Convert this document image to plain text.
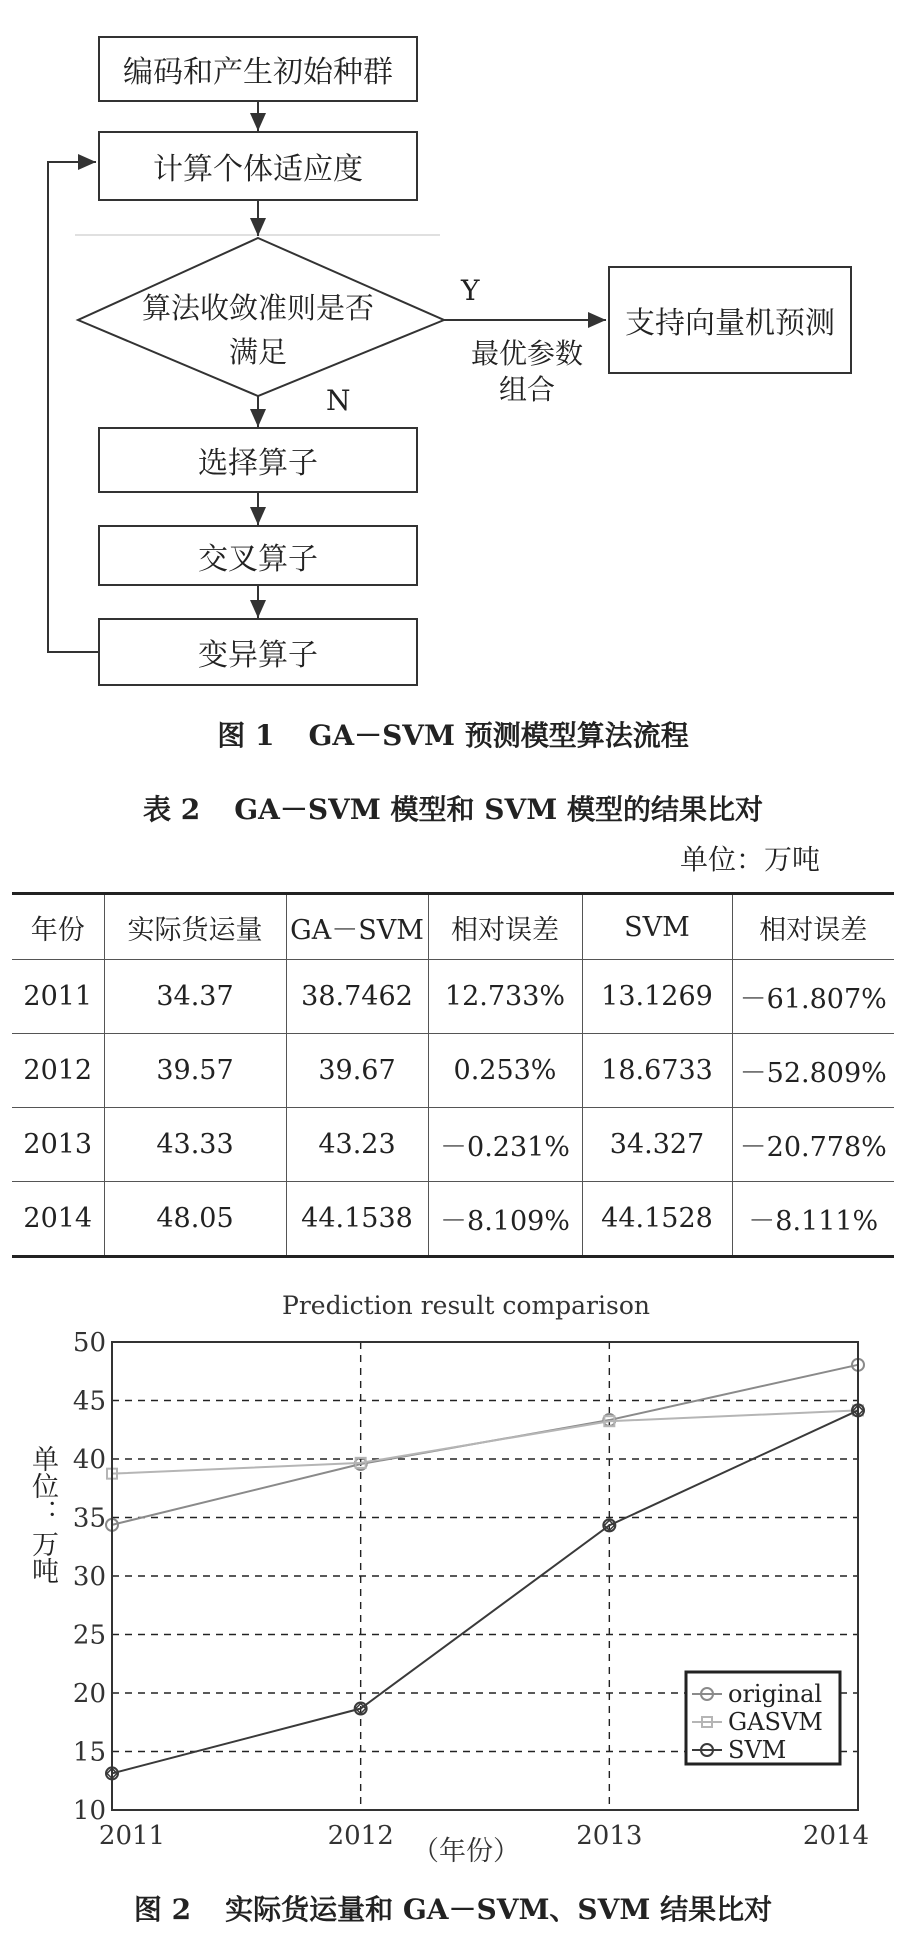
编码和产生初始种群
计算个体适应度
算法收敛准则是否
满足
支持向量机预测
选择算子
交叉算子
变异算子
Y
N
最优参数
组合
图 1 GA－SVM 预测模型算法流程
表 2 GA－SVM 模型和 SVM 模型的结果比对
单位：万吨
年份	实际货运量	GA－SVM	相对误差	SVM	相对误差
2011	34.37	38.7462	12.733%	13.1269	－61.807%
2012	39.57	39.67	0.253%	18.6733	－52.809%
2013	43.33	43.23	－0.231%	34.327	－20.778%
2014	48.05	44.1538	－8.109%	44.1528	－8.111%
10
15
20
25
30
35
40
45
50
2011	2012	2013	2014
Prediction result comparison
（年份）
original
GASVM
SVM
单位：
万吨
图 2 实际货运量和 GA－SVM、SVM 结果比对
